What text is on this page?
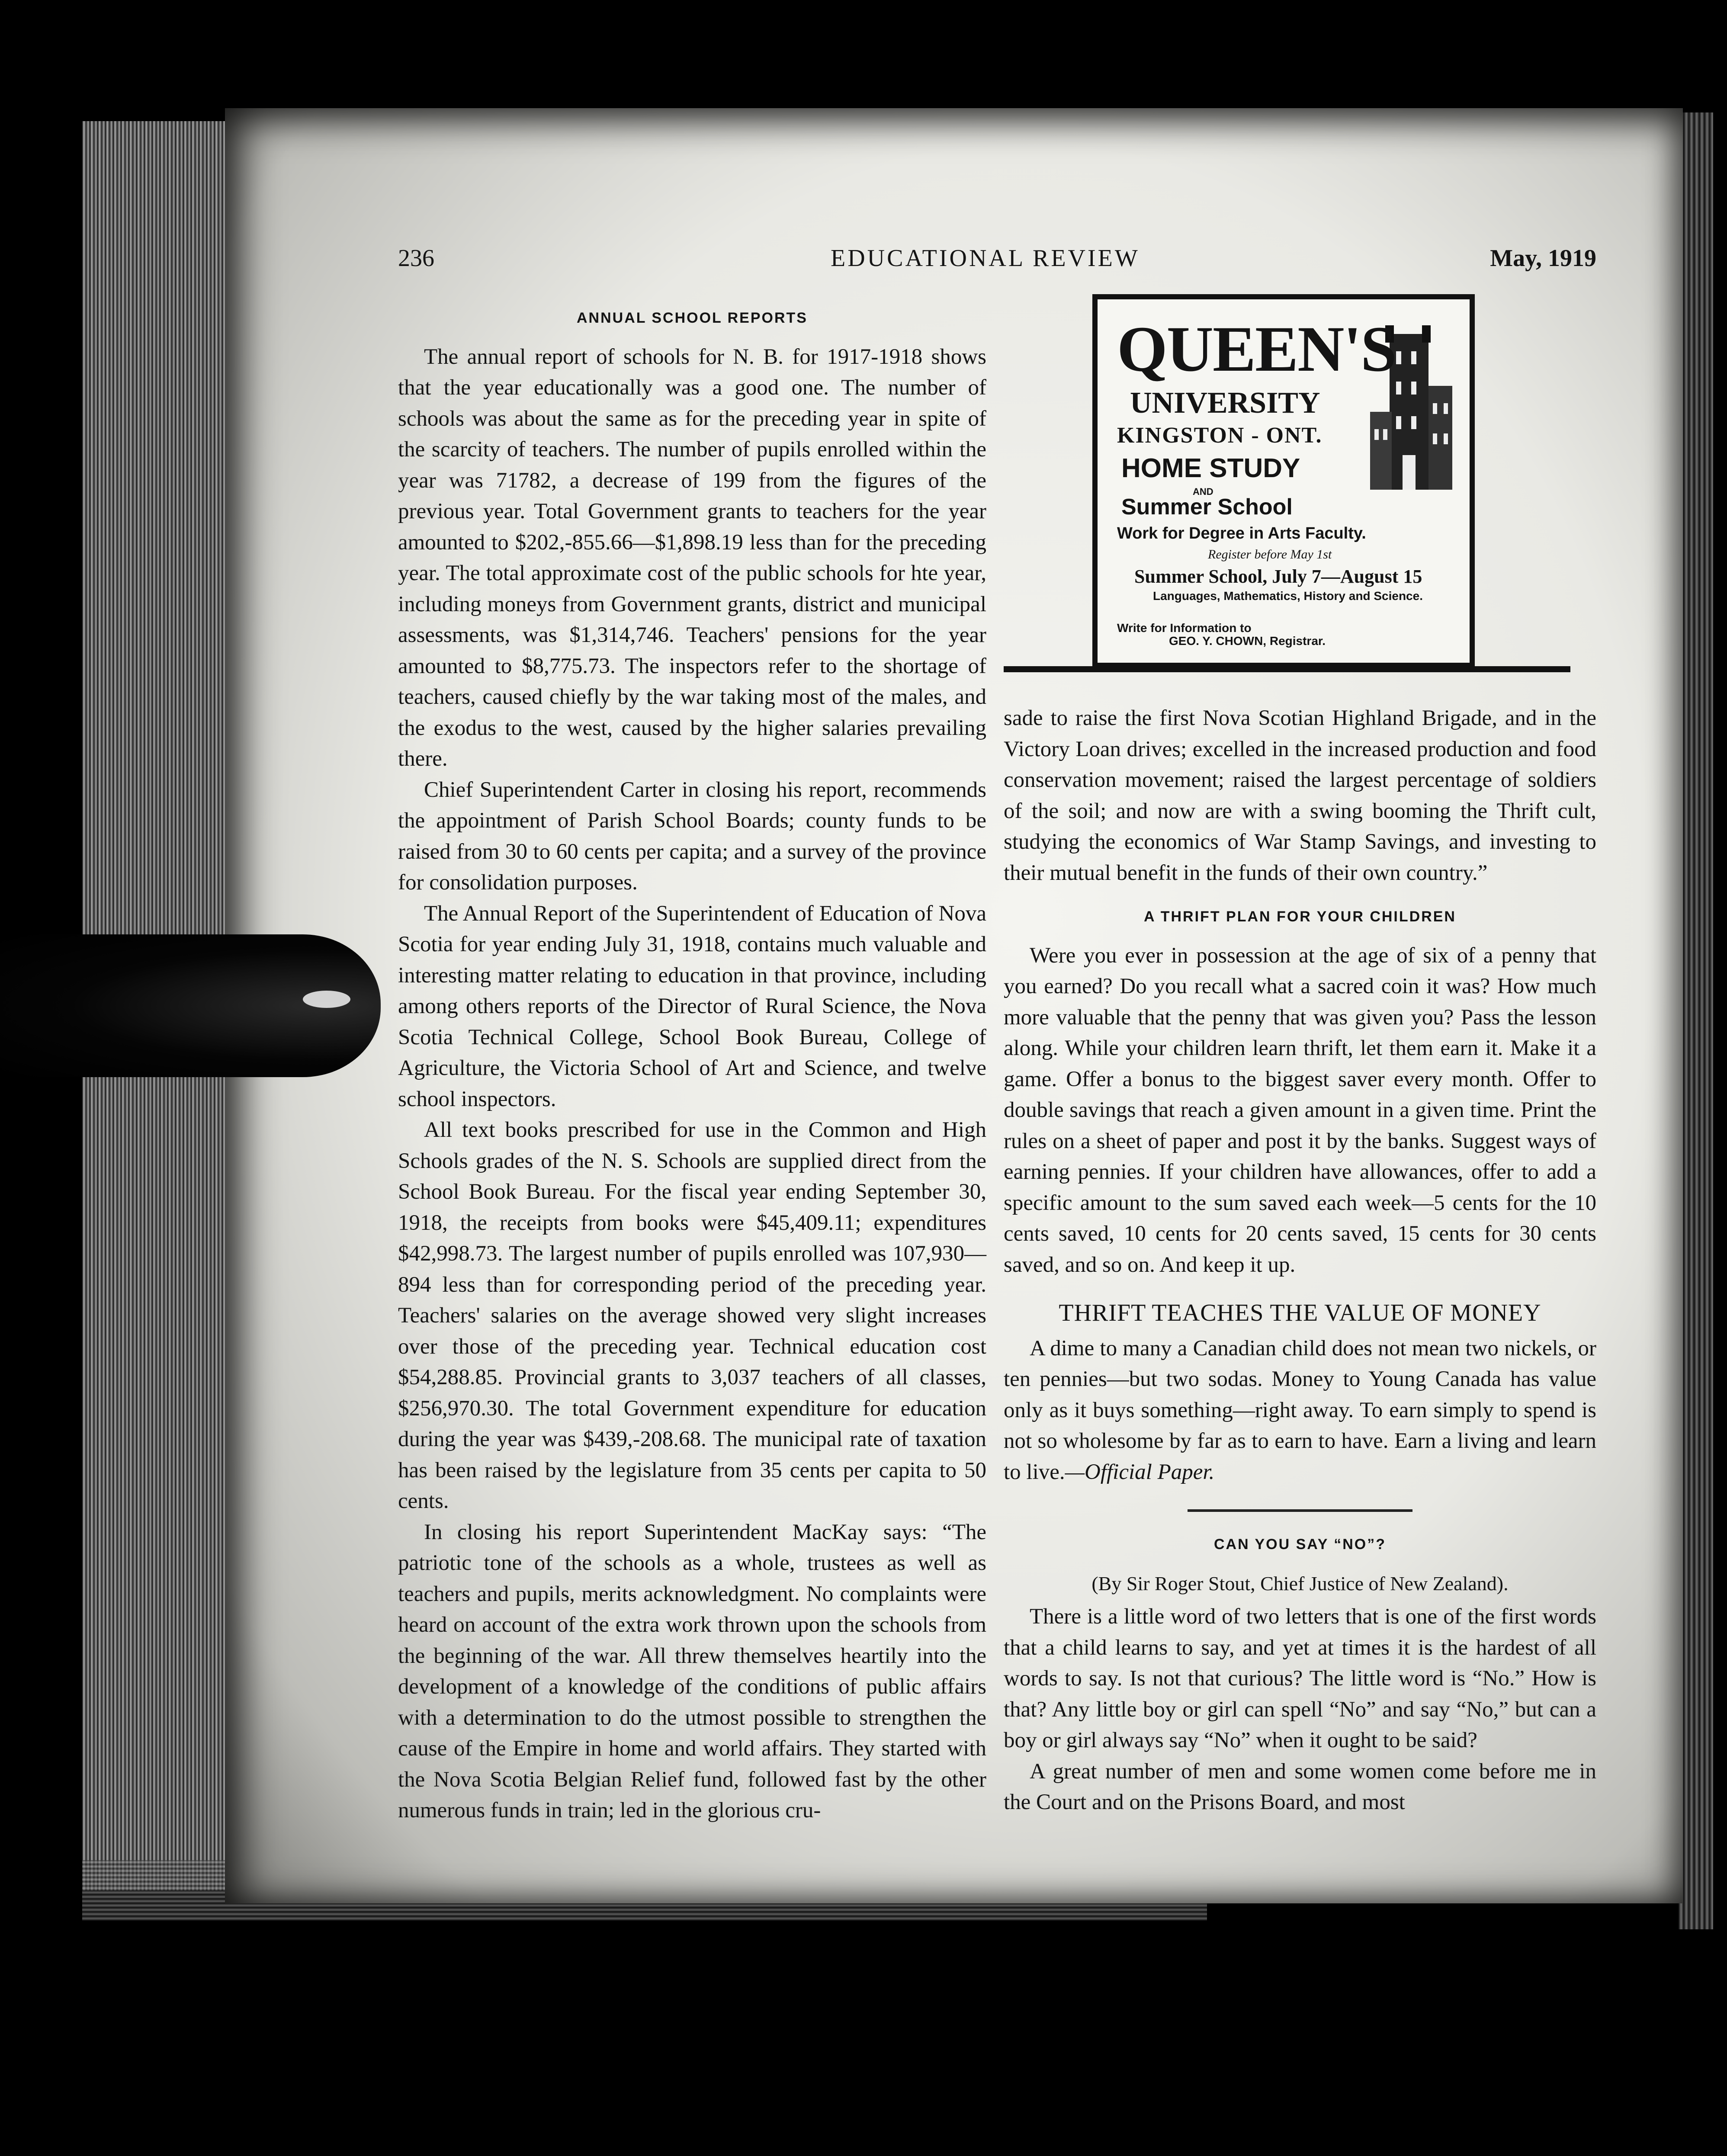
236	EDUCATIONAL REVIEW	May, 1919
ANNUAL SCHOOL REPORTS

The annual report of schools for N. B. for 1917-1918 shows that the year educationally was a good one. The number of schools was about the same as for the preceding year in spite of the scarcity of teachers. The number of pupils enrolled within the year was 71782, a decrease of 199 from the figures of the previous year. Total Government grants to teachers for the year amounted to $202,-855.66—$1,898.19 less than for the preceding year. The total approximate cost of the public schools for hte year, including moneys from Government grants, district and municipal assessments, was $1,314,746. Teachers' pensions for the year amounted to $8,775.73. The inspectors refer to the shortage of teachers, caused chiefly by the war taking most of the males, and the exodus to the west, caused by the higher salaries prevailing there.

Chief Superintendent Carter in closing his report, recommends the appointment of Parish School Boards; county funds to be raised from 30 to 60 cents per capita; and a survey of the province for consolidation purposes.

The Annual Report of the Superintendent of Education of Nova Scotia for year ending July 31, 1918, contains much valuable and interesting matter relating to education in that province, including among others reports of the Director of Rural Science, the Nova Scotia Technical College, School Book Bureau, College of Agriculture, the Victoria School of Art and Science, and twelve school inspectors.

All text books prescribed for use in the Common and High Schools grades of the N. S. Schools are supplied direct from the School Book Bureau. For the fiscal year ending September 30, 1918, the receipts from books were $45,409.11; expenditures $42,998.73. The largest number of pupils enrolled was 107,930—894 less than for corresponding period of the preceding year. Teachers' salaries on the average showed very slight increases over those of the preceding year. Technical education cost $54,288.85. Provincial grants to 3,037 teachers of all classes, $256,970.30. The total Government expenditure for education during the year was $439,-208.68. The municipal rate of taxation has been raised by the legislature from 35 cents per capita to 50 cents.

In closing his report Superintendent MacKay says: “The patriotic tone of the schools as a whole, trustees as well as teachers and pupils, merits acknowledgment. No complaints were heard on account of the extra work thrown upon the schools from the beginning of the war. All threw themselves heartily into the development of a knowledge of the conditions of public affairs with a determination to do the utmost possible to strengthen the cause of the Empire in home and world affairs. They started with the Nova Scotia Belgian Relief fund, followed fast by the other numerous funds in train; led in the glorious cru-

QUEEN'S
UNIVERSITY
KINGSTON - ONT.
HOME STUDY
AND
Summer School
Work for Degree in Arts Faculty.
Register before May 1st
Summer School, July 7—August 15
Languages, Mathematics, History and Science.
Write for Information to
GEO. Y. CHOWN, Registrar.

sade to raise the first Nova Scotian Highland Brigade, and in the Victory Loan drives; excelled in the increased production and food conservation movement; raised the largest percentage of soldiers of the soil; and now are with a swing booming the Thrift cult, studying the economics of War Stamp Savings, and investing to their mutual benefit in the funds of their own country.”

A THRIFT PLAN FOR YOUR CHILDREN

Were you ever in possession at the age of six of a penny that you earned? Do you recall what a sacred coin it was? How much more valuable that the penny that was given you? Pass the lesson along. While your children learn thrift, let them earn it. Make it a game. Offer a bonus to the biggest saver every month. Offer to double savings that reach a given amount in a given time. Print the rules on a sheet of paper and post it by the banks. Suggest ways of earning pennies. If your children have allowances, offer to add a specific amount to the sum saved each week—5 cents for the 10 cents saved, 10 cents for 20 cents saved, 15 cents for 30 cents saved, and so on. And keep it up.

THRIFT TEACHES THE VALUE OF MONEY

A dime to many a Canadian child does not mean two nickels, or ten pennies—but two sodas. Money to Young Canada has value only as it buys something—right away. To earn simply to spend is not so wholesome by far as to earn to have. Earn a living and learn to live.—Official Paper.

CAN YOU SAY “NO”?
(By Sir Roger Stout, Chief Justice of New Zealand).

There is a little word of two letters that is one of the first words that a child learns to say, and yet at times it is the hardest of all words to say. Is not that curious? The little word is “No.” How is that? Any little boy or girl can spell “No” and say “No,” but can a boy or girl always say “No” when it ought to be said?

A great number of men and some women come before me in the Court and on the Prisons Board, and most
